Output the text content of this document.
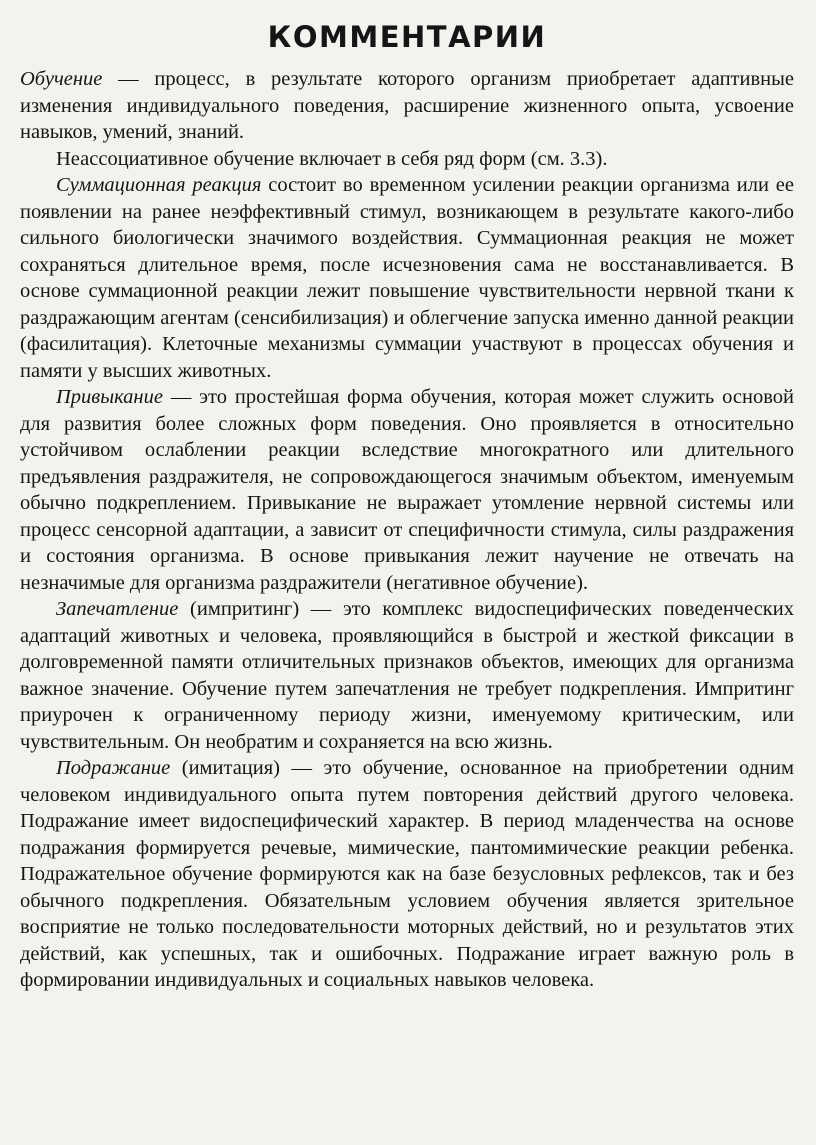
КОММЕНТАРИИ

Обучение — процесс, в результате которого организм приобретает адаптивные изменения индивидуального поведения, расширение жизненного опыта, усвоение навыков, умений, знаний.

Неассоциативное обучение включает в себя ряд форм (см. 3.3).

Суммационная реакция состоит во временном усилении реакции организма или ее появлении на ранее неэффективный стимул, возникающем в результате какого-либо сильного биологически значимого воздействия. Суммационная реакция не может сохраняться длительное время, после исчезновения сама не восстанавливается. В основе суммационной реакции лежит повышение чувствительности нервной ткани к раздражающим агентам (сенсибилизация) и облегчение запуска именно данной реакции (фасилитация). Клеточные механизмы суммации участвуют в процессах обучения и памяти у высших животных.

Привыкание — это простейшая форма обучения, которая может служить основой для развития более сложных форм поведения. Оно проявляется в относительно устойчивом ослаблении реакции вследствие многократного или длительного предъявления раздражителя, не сопровождающегося значимым объектом, именуемым обычно подкреплением. Привыкание не выражает утомление нервной системы или процесс сенсорной адаптации, а зависит от специфичности стимула, силы раздражения и состояния организма. В основе привыкания лежит научение не отвечать на незначимые для организма раздражители (негативное обучение).

Запечатление (импритинг) — это комплекс видоспецифических поведенческих адаптаций животных и человека, проявляющийся в быстрой и жесткой фиксации в долговременной памяти отличительных признаков объектов, имеющих для организма важное значение. Обучение путем запечатления не требует подкрепления. Импритинг приурочен к ограниченному периоду жизни, именуемому критическим, или чувствительным. Он необратим и сохраняется на всю жизнь.

Подражание (имитация) — это обучение, основанное на приобретении одним человеком индивидуального опыта путем повторения действий другого человека. Подражание имеет видоспецифический характер. В период младенчества на основе подражания формируется речевые, мимические, пантомимические реакции ребенка. Подражательное обучение формируются как на базе безусловных рефлексов, так и без обычного подкрепления. Обязательным условием обучения является зрительное восприятие не только последовательности моторных действий, но и результатов этих действий, как успешных, так и ошибочных. Подражание играет важную роль в формировании индивидуальных и социальных навыков человека.
